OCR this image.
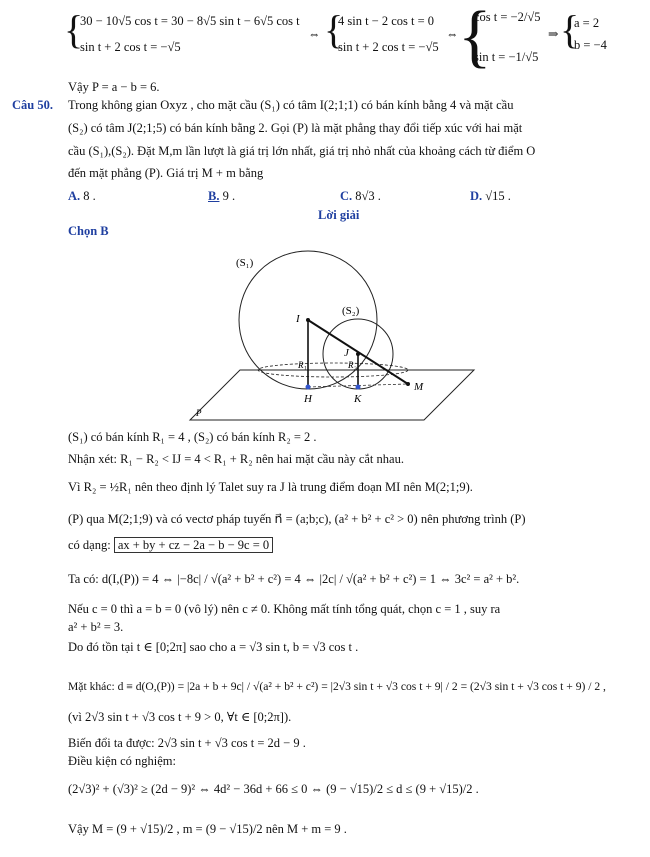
{
30 − 10√5 cos t = 30 − 8√5 sin t − 6√5 cos t
sin t + 2 cos t = −√5
⇔ {
4 sin t − 2 cos t = 0
sin t + 2 cos t = −√5
⇔ {
cos t = −2/√5
sin t = −1/√5
⇒ {
a = 2
b = −4
Vậy P = a − b = 6.
Câu 50. Trong không gian Oxyz , cho mặt cầu (S₁) có tâm I(2;1;1) có bán kính bằng 4 và mặt cầu
(S₂) có tâm J(2;1;5) có bán kính bằng 2. Gọi (P) là mặt phẳng thay đổi tiếp xúc với hai mặt
cầu (S₁),(S₂). Đặt M,m lần lượt là giá trị lớn nhất, giá trị nhỏ nhất của khoảng cách từ điểm O
đến mặt phẳng (P). Giá trị M + m bằng
A. 8 .	B. 9 .	C. 8√3 .	D. √15 .
Lời giải
Chọn B
(S₁)
(S₂)
I
J
R₁	R₂
H	K
M
P
(S₁) có bán kính R₁ = 4 , (S₂) có bán kính R₂ = 2 .
Nhận xét: R₁ − R₂ < IJ = 4 < R₁ + R₂ nên hai mặt cầu này cắt nhau.
Vì R₂ = ½R₁ nên theo định lý Talet suy ra J là trung điểm đoạn MI nên M(2;1;9).
(P) qua M(2;1;9) và có vectơ pháp tuyến n⃗ = (a;b;c), (a² + b² + c² > 0) nên phương trình (P)
có dạng: ax + by + cz − 2a − b − 9c = 0
Ta có: d(I,(P)) = 4 ⇔ |−8c| / √(a² + b² + c²) = 4 ⇔ |2c| / √(a² + b² + c²) = 1 ⇔ 3c² = a² + b².
Nếu c = 0 thì a = b = 0 (vô lý) nên c ≠ 0. Không mất tính tổng quát, chọn c = 1 , suy ra
a² + b² = 3.
Do đó tồn tại t ∈ [0;2π] sao cho a = √3 sin t, b = √3 cos t .
Mặt khác: d ≡ d(O,(P)) = |2a + b + 9c| / √(a² + b² + c²) = |2√3 sin t + √3 cos t + 9| / 2 = (2√3 sin t + √3 cos t + 9) / 2 ,
(vì 2√3 sin t + √3 cos t + 9 > 0, ∀t ∈ [0;2π]).
Biến đổi ta được: 2√3 sin t + √3 cos t = 2d − 9 .
Điều kiện có nghiệm:
(2√3)² + (√3)² ≥ (2d − 9)² ⇔ 4d² − 36d + 66 ≤ 0 ⇔ (9 − √15)/2 ≤ d ≤ (9 + √15)/2 .
Vậy M = (9 + √15)/2 , m = (9 − √15)/2 nên M + m = 9 .
